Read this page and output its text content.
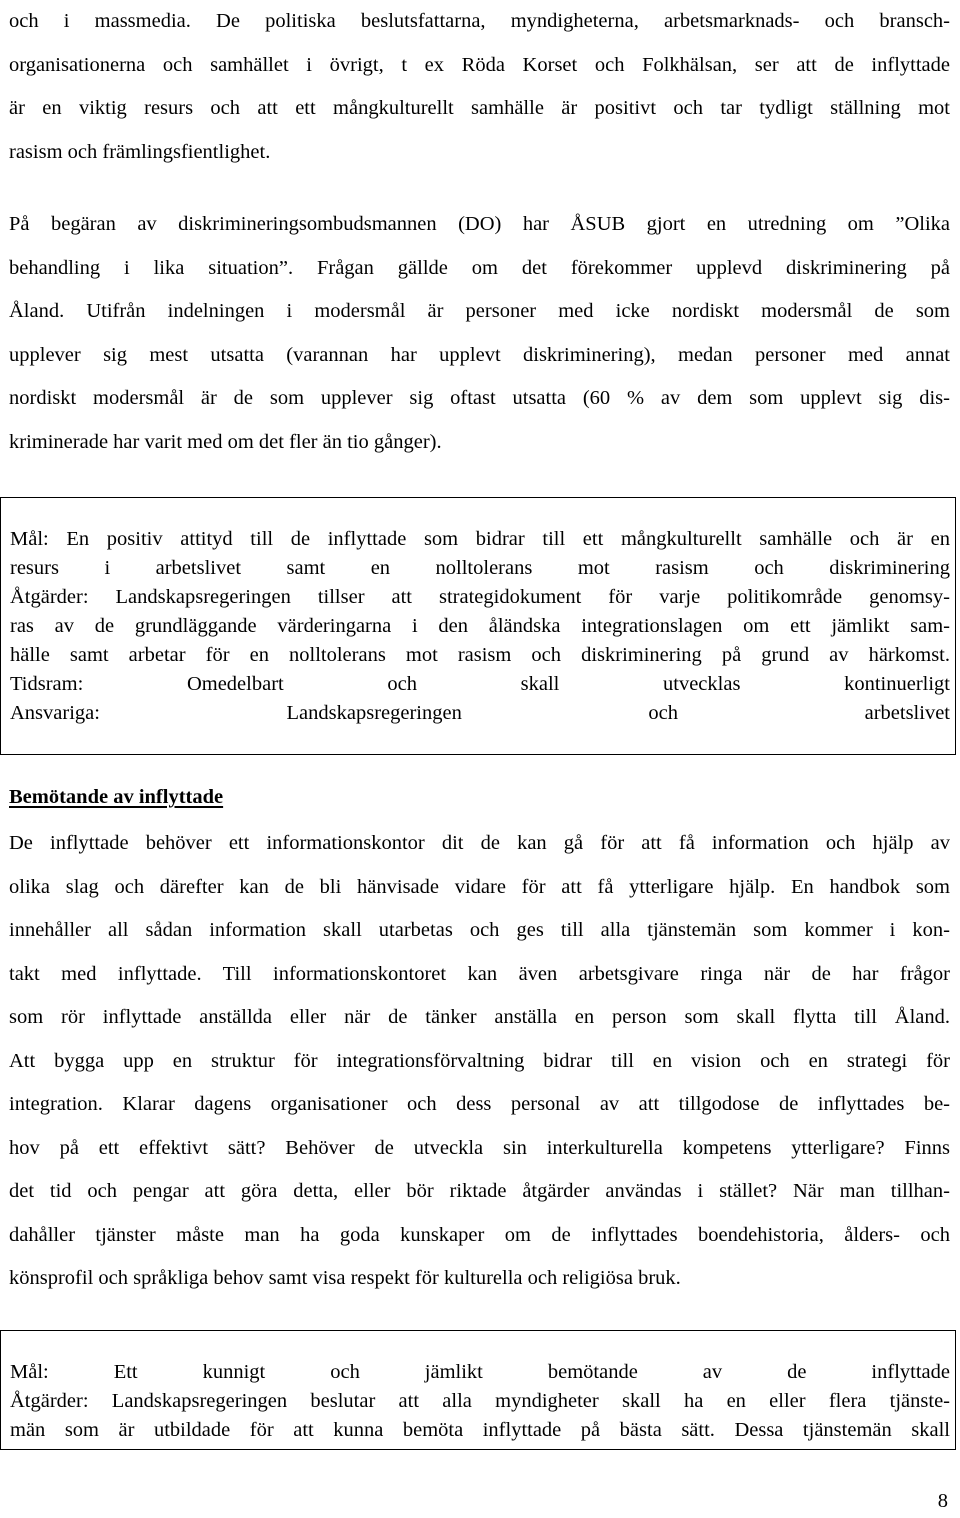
och i massmedia. De politiska beslutsfattarna, myndigheterna, arbetsmarknads- och bransch-
organisationerna och samhället i övrigt, t ex Röda Korset och Folkhälsan, ser att de inflyttade
är en viktig resurs och att ett mångkulturellt samhälle är positivt och tar tydligt ställning mot
rasism och främlingsfientlighet.
På begäran av diskrimineringsombudsmannen (DO) har ÅSUB gjort en utredning om ”Olika
behandling i lika situation”. Frågan gällde om det förekommer upplevd diskriminering på
Åland. Utifrån indelningen i modersmål är personer med icke nordiskt modersmål de som
upplever sig mest utsatta (varannan har upplevt diskriminering), medan personer med annat
nordiskt modersmål är de som upplever sig oftast utsatta (60 % av dem som upplevt sig dis-
kriminerade har varit med om det fler än tio gånger).
Mål: En positiv attityd till de inflyttade som bidrar till ett mångkulturellt samhälle och är en
resurs i arbetslivet samt en nolltolerans mot rasism och diskriminering
Åtgärder: Landskapsregeringen tillser att strategidokument för varje politikområde genomsy-
ras av de grundläggande värderingarna i den åländska integrationslagen om ett jämlikt sam-
hälle samt arbetar för en nolltolerans mot rasism och diskriminering på grund av härkomst.
Tidsram: Omedelbart och skall utvecklas kontinuerligt
Ansvariga: Landskapsregeringen och arbetslivet
Bemötande av inflyttade
De inflyttade behöver ett informationskontor dit de kan gå för att få information och hjälp av
olika slag och därefter kan de bli hänvisade vidare för att få ytterligare hjälp. En handbok som
innehåller all sådan information skall utarbetas och ges till alla tjänstemän som kommer i kon-
takt med inflyttade. Till informationskontoret kan även arbetsgivare ringa när de har frågor
som rör inflyttade anställda eller när de tänker anställa en person som skall flytta till Åland.
Att bygga upp en struktur för integrationsförvaltning bidrar till en vision och en strategi för
integration. Klarar dagens organisationer och dess personal av att tillgodose de inflyttades be-
hov på ett effektivt sätt? Behöver de utveckla sin interkulturella kompetens ytterligare? Finns
det tid och pengar att göra detta, eller bör riktade åtgärder användas i stället? När man tillhan-
dahåller tjänster måste man ha goda kunskaper om de inflyttades boendehistoria, ålders- och
könsprofil och språkliga behov samt visa respekt för kulturella och religiösa bruk.
Mål: Ett kunnigt och jämlikt bemötande av de inflyttade
Åtgärder: Landskapsregeringen beslutar att alla myndigheter skall ha en eller flera tjänste-
män som är utbildade för att kunna bemöta inflyttade på bästa sätt. Dessa tjänstemän skall
8
